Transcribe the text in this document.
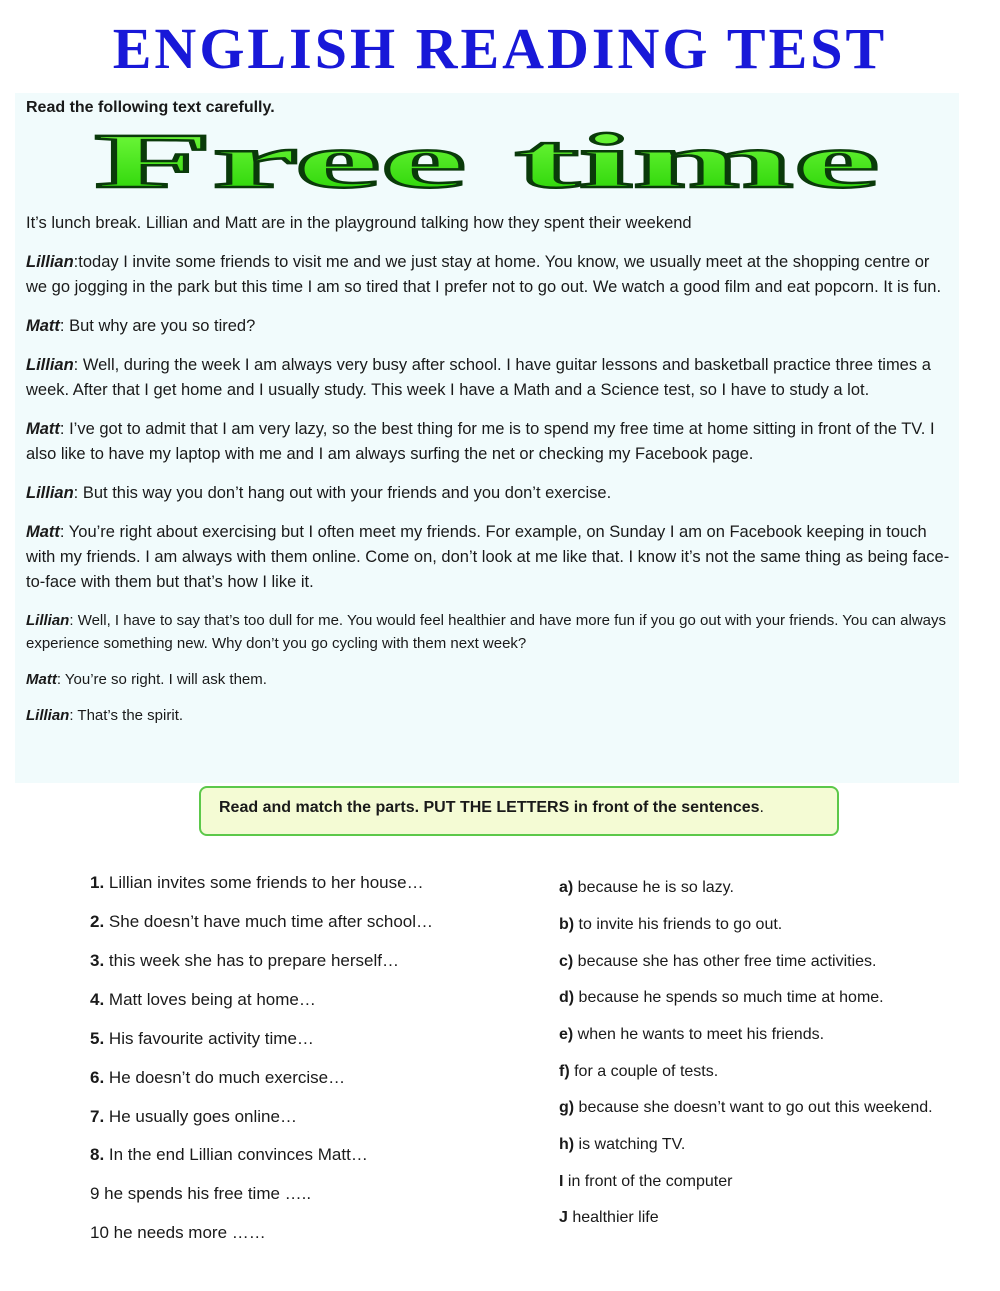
ENGLISH READING TEST
Read the following text carefully.
Free time

It’s lunch break. Lillian and Matt are in the playground talking how they spent their weekend

Lillian:today I invite some friends to visit me and we just stay at home. You know, we usually meet at the shopping centre or we go jogging in the park but this time I am so tired that I prefer not to go out. We watch a good film and eat popcorn. It is fun.

Matt: But why are you so tired?

Lillian: Well, during the week I am always very busy after school. I have guitar lessons and basketball practice three times a week. After that I get home and I usually study. This week I have a Math and a Science test, so I have to study a lot.

Matt: I’ve got to admit that I am very lazy, so the best thing for me is to spend my free time at home sitting in front of the TV. I also like to have my laptop with me and I am always surfing the net or checking my Facebook page.

Lillian: But this way you don’t hang out with your friends and you don’t exercise.

Matt: You’re right about exercising but I often meet my friends. For example, on Sunday I am on Facebook keeping in touch with my friends. I am always with them online. Come on, don’t look at me like that. I know it’s not the same thing as being face-to-face with them but that’s how I like it.

Lillian: Well, I have to say that’s too dull for me. You would feel healthier and have more fun if you go out with your friends. You can always experience something new. Why don’t you go cycling with them next week?

Matt: You’re so right. I will ask them.

Lillian: That’s the spirit.

Read and match the parts. PUT THE LETTERS in front of the sentences.
1. Lillian invites some friends to her house…
2. She doesn’t have much time after school…
3. this week she has to prepare herself…
4. Matt loves being at home…
5. His favourite activity time…
6. He doesn’t do much exercise…
7. He usually goes online…
8. In the end Lillian convinces Matt…
9 he spends his free time …..
10 he needs more ……
a) because he is so lazy.
b) to invite his friends to go out.
c) because she has other free time activities.
d) because he spends so much time at home.
e) when he wants to meet his friends.
f) for a couple of tests.
g) because she doesn’t want to go out this weekend.
h) is watching TV.
I in front of the computer
J healthier life
